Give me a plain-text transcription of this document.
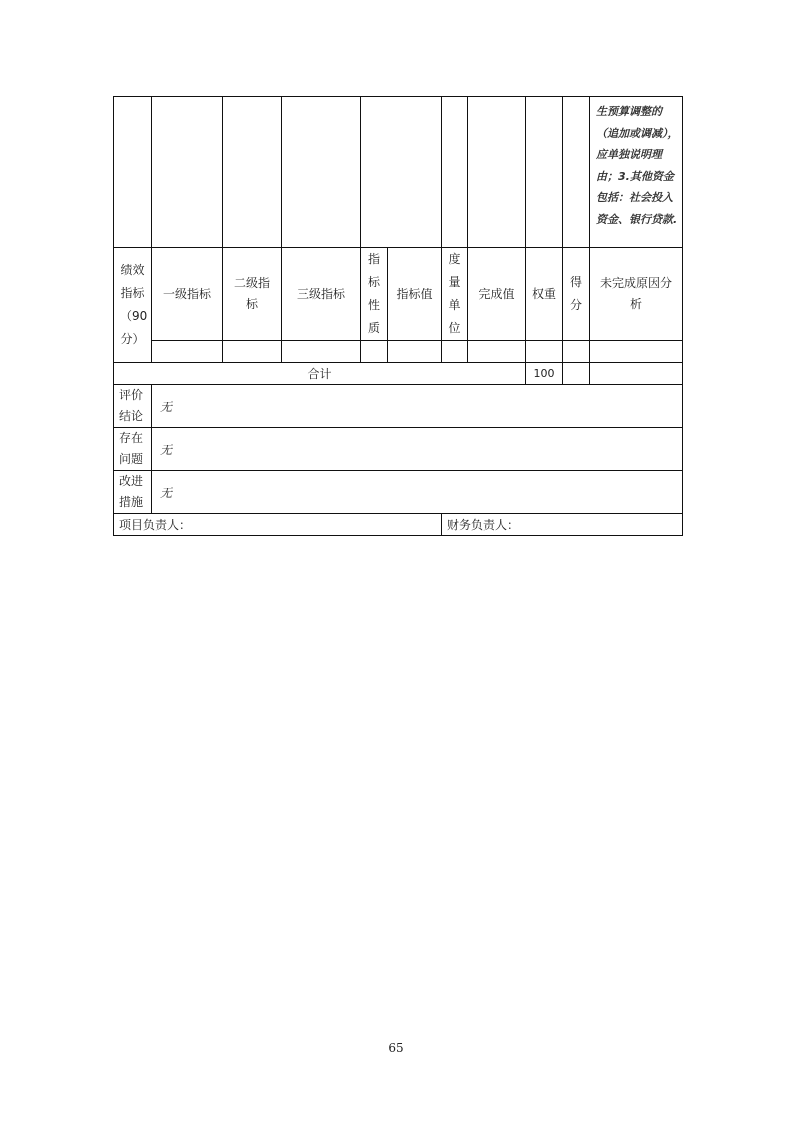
										生预算调整的（追加或调减），应单独说明理由；3.其他资金包括：社会投入资金、银行贷款.
绩效指标（90分）	一级指标	二级指标	三级指标	指标性质	指标值	度量单位	完成值	权重	得分	未完成原因分析

合计								100		
评价结论	无									
存在问题	无									
改进措施	无									
项目负责人：						财务负责人：				
65
